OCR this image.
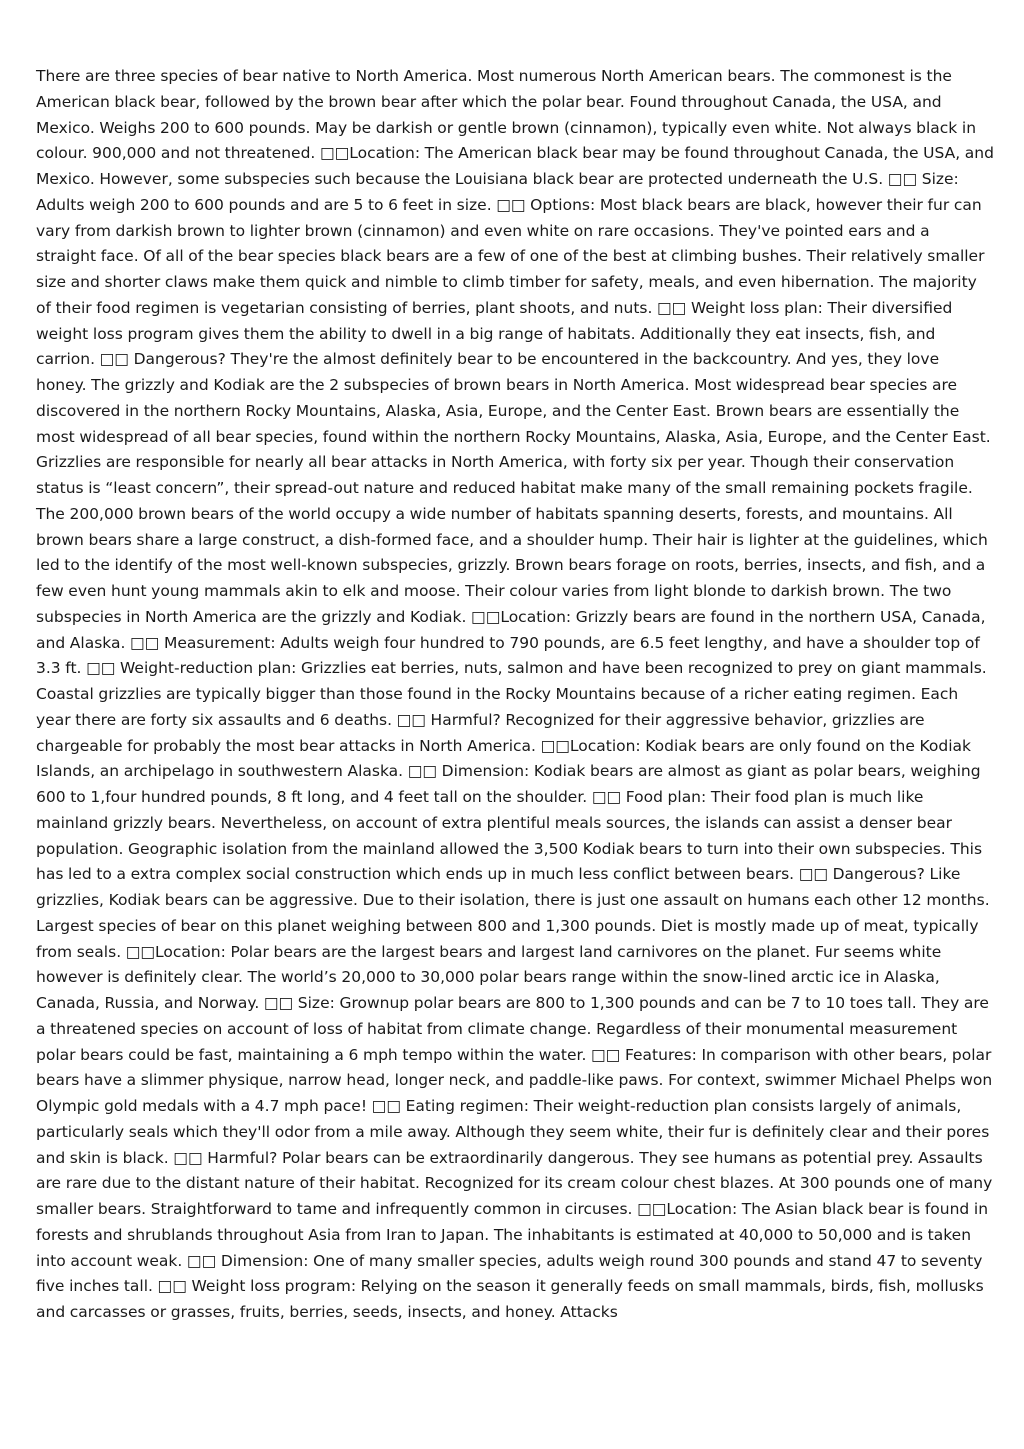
There are three species of bear native to North America. Most numerous North American bears. The commonest is the American black bear, followed by the brown bear after which the polar bear. Found throughout Canada, the USA, and Mexico. Weighs 200 to 600 pounds. May be darkish or gentle brown (cinnamon), typically even white. Not always black in colour. 900,000 and not threatened. □□Location: The American black bear may be found throughout Canada, the USA, and Mexico. However, some subspecies such because the Louisiana black bear are protected underneath the U.S. □□ Size: Adults weigh 200 to 600 pounds and are 5 to 6 feet in size. □□ Options: Most black bears are black, however their fur can vary from darkish brown to lighter brown (cinnamon) and even white on rare occasions. They've pointed ears and a straight face. Of all of the bear species black bears are a few of one of the best at climbing bushes. Their relatively smaller size and shorter claws make them quick and nimble to climb timber for safety, meals, and even hibernation. The majority of their food regimen is vegetarian consisting of berries, plant shoots, and nuts. □□ Weight loss plan: Their diversified weight loss program gives them the ability to dwell in a big range of habitats. Additionally they eat insects, fish, and carrion. □□ Dangerous? They're the almost definitely bear to be encountered in the backcountry. And yes, they love honey. The grizzly and Kodiak are the 2 subspecies of brown bears in North America. Most widespread bear species are discovered in the northern Rocky Mountains, Alaska, Asia, Europe, and the Center East. Brown bears are essentially the most widespread of all bear species, found within the northern Rocky Mountains, Alaska, Asia, Europe, and the Center East. Grizzlies are responsible for nearly all bear attacks in North America, with forty six per year. Though their conservation status is “least concern”, their spread-out nature and reduced habitat make many of the small remaining pockets fragile. The 200,000 brown bears of the world occupy a wide number of habitats spanning deserts, forests, and mountains. All brown bears share a large construct, a dish-formed face, and a shoulder hump. Their hair is lighter at the guidelines, which led to the identify of the most well-known subspecies, grizzly. Brown bears forage on roots, berries, insects, and fish, and a few even hunt young mammals akin to elk and moose. Their colour varies from light blonde to darkish brown. The two subspecies in North America are the grizzly and Kodiak. □□Location: Grizzly bears are found in the northern USA, Canada, and Alaska. □□ Measurement: Adults weigh four hundred to 790 pounds, are 6.5 feet lengthy, and have a shoulder top of 3.3 ft. □□ Weight-reduction plan: Grizzlies eat berries, nuts, salmon and have been recognized to prey on giant mammals. Coastal grizzlies are typically bigger than those found in the Rocky Mountains because of a richer eating regimen. Each year there are forty six assaults and 6 deaths. □□ Harmful? Recognized for their aggressive behavior, grizzlies are chargeable for probably the most bear attacks in North America. □□Location: Kodiak bears are only found on the Kodiak Islands, an archipelago in southwestern Alaska. □□ Dimension: Kodiak bears are almost as giant as polar bears, weighing 600 to 1,four hundred pounds, 8 ft long, and 4 feet tall on the shoulder. □□ Food plan: Their food plan is much like mainland grizzly bears. Nevertheless, on account of extra plentiful meals sources, the islands can assist a denser bear population. Geographic isolation from the mainland allowed the 3,500 Kodiak bears to turn into their own subspecies. This has led to a extra complex social construction which ends up in much less conflict between bears. □□ Dangerous? Like grizzlies, Kodiak bears can be aggressive. Due to their isolation, there is just one assault on humans each other 12 months. Largest species of bear on this planet weighing between 800 and 1,300 pounds. Diet is mostly made up of meat, typically from seals. □□Location: Polar bears are the largest bears and largest land carnivores on the planet. Fur seems white however is definitely clear. The world’s 20,000 to 30,000 polar bears range within the snow-lined arctic ice in Alaska, Canada, Russia, and Norway. □□ Size: Grownup polar bears are 800 to 1,300 pounds and can be 7 to 10 toes tall. They are a threatened species on account of loss of habitat from climate change. Regardless of their monumental measurement polar bears could be fast, maintaining a 6 mph tempo within the water. □□ Features: In comparison with other bears, polar bears have a slimmer physique, narrow head, longer neck, and paddle-like paws. For context, swimmer Michael Phelps won Olympic gold medals with a 4.7 mph pace! □□ Eating regimen: Their weight-reduction plan consists largely of animals, particularly seals which they'll odor from a mile away. Although they seem white, their fur is definitely clear and their pores and skin is black. □□ Harmful? Polar bears can be extraordinarily dangerous. They see humans as potential prey. Assaults are rare due to the distant nature of their habitat. Recognized for its cream colour chest blazes. At 300 pounds one of many smaller bears. Straightforward to tame and infrequently common in circuses. □□Location: The Asian black bear is found in forests and shrublands throughout Asia from Iran to Japan. The inhabitants is estimated at 40,000 to 50,000 and is taken into account weak. □□ Dimension: One of many smaller species, adults weigh round 300 pounds and stand 47 to seventy five inches tall. □□ Weight loss program: Relying on the season it generally feeds on small mammals, birds, fish, mollusks and carcasses or grasses, fruits, berries, seeds, insects, and honey. Attacks
